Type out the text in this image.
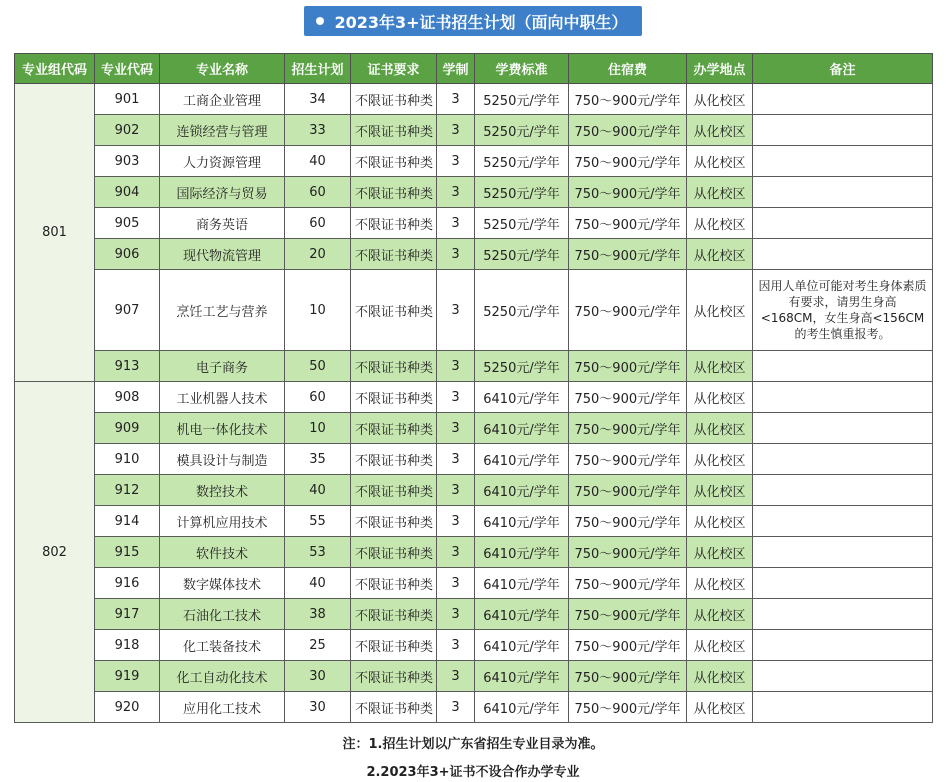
2023年3+证书招生计划（面向中职生）
专业组代码	专业代码	专业名称	招生计划	证书要求	学制	学费标准	住宿费	办学地点	备注
801	901	工商企业管理	34	不限证书种类	3	5250元/学年	750～900元/学年	从化校区	
	902	连锁经营与管理	33	不限证书种类	3	5250元/学年	750～900元/学年	从化校区	
	903	人力资源管理	40	不限证书种类	3	5250元/学年	750～900元/学年	从化校区	
	904	国际经济与贸易	60	不限证书种类	3	5250元/学年	750～900元/学年	从化校区	
	905	商务英语	60	不限证书种类	3	5250元/学年	750～900元/学年	从化校区	
	906	现代物流管理	20	不限证书种类	3	5250元/学年	750～900元/学年	从化校区	
	907	烹饪工艺与营养	10	不限证书种类	3	5250元/学年	750～900元/学年	从化校区	因用人单位可能对考生身体素质有要求，请男生身高<168CM，女生身高<156CM的考生慎重报考。
	913	电子商务	50	不限证书种类	3	5250元/学年	750～900元/学年	从化校区	
802	908	工业机器人技术	60	不限证书种类	3	6410元/学年	750～900元/学年	从化校区	
	909	机电一体化技术	10	不限证书种类	3	6410元/学年	750～900元/学年	从化校区	
	910	模具设计与制造	35	不限证书种类	3	6410元/学年	750～900元/学年	从化校区	
	912	数控技术	40	不限证书种类	3	6410元/学年	750～900元/学年	从化校区	
	914	计算机应用技术	55	不限证书种类	3	6410元/学年	750～900元/学年	从化校区	
	915	软件技术	53	不限证书种类	3	6410元/学年	750～900元/学年	从化校区	
	916	数字媒体技术	40	不限证书种类	3	6410元/学年	750～900元/学年	从化校区	
	917	石油化工技术	38	不限证书种类	3	6410元/学年	750～900元/学年	从化校区	
	918	化工装备技术	25	不限证书种类	3	6410元/学年	750～900元/学年	从化校区	
	919	化工自动化技术	30	不限证书种类	3	6410元/学年	750～900元/学年	从化校区	
	920	应用化工技术	30	不限证书种类	3	6410元/学年	750～900元/学年	从化校区	
注：1.招生计划以广东省招生专业目录为准。
2.2023年3+证书不设合作办学专业
